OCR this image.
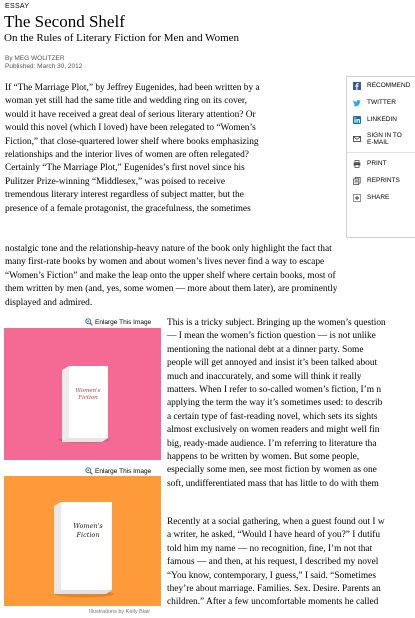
ESSAY
The Second Shelf
On the Rules of Literary Fiction for Men and Women
By MEG WOLITZER
Published: March 30, 2012
If “The Marriage Plot,” by Jeffrey Eugenides, had been written by a
woman yet still had the same title and wedding ring on its cover,
would it have received a great deal of serious literary attention? Or
would this novel (which I loved) have been relegated to “Women’s
Fiction,” that close-quartered lower shelf where books emphasizing
relationships and the interior lives of women are often relegated?
Certainly “The Marriage Plot,” Eugenides’s first novel since his
Pulitzer Prize-winning “Middlesex,” was poised to receive
tremendous literary interest regardless of subject matter, but the
presence of a female protagonist, the gracefulness, the sometimes
nostalgic tone and the relationship-heavy nature of the book only highlight the fact that
many first-rate books by women and about women’s lives never find a way to escape
“Women’s Fiction” and make the leap onto the upper shelf where certain books, most of
them written by men (and, yes, some women — more about them later), are prominently
displayed and admired.
RECOMMEND
TWITTER
LINKEDIN
SIGN IN TO
E-MAIL
PRINT
REPRINTS
SHARE
Enlarge This Image
Women's
Fiction
Enlarge This Image
Women's
Fiction
Illustrations by Kelly Blair
This is a tricky subject. Bringing up the women’s question
— I mean the women’s fiction question — is not unlike
mentioning the national debt at a dinner party. Some
people will get annoyed and insist it’s been talked about
much and inaccurately, and some will think it really
matters. When I refer to so-called women’s fiction, I’m n
applying the term the way it’s sometimes used: to describ
a certain type of fast-reading novel, which sets its sights
almost exclusively on women readers and might well fin
big, ready-made audience. I’m referring to literature tha
happens to be written by women. But some people,
especially some men, see most fiction by women as one
soft, undifferentiated mass that has little to do with them
Recently at a social gathering, when a guest found out I w
a writer, he asked, “Would I have heard of you?” I dutifu
told him my name — no recognition, fine, I’m not that
famous — and then, at his request, I described my novel
“You know, contemporary, I guess,” I said. “Sometimes
they’re about marriage. Families. Sex. Desire. Parents an
children.” After a few uncomfortable moments he called
